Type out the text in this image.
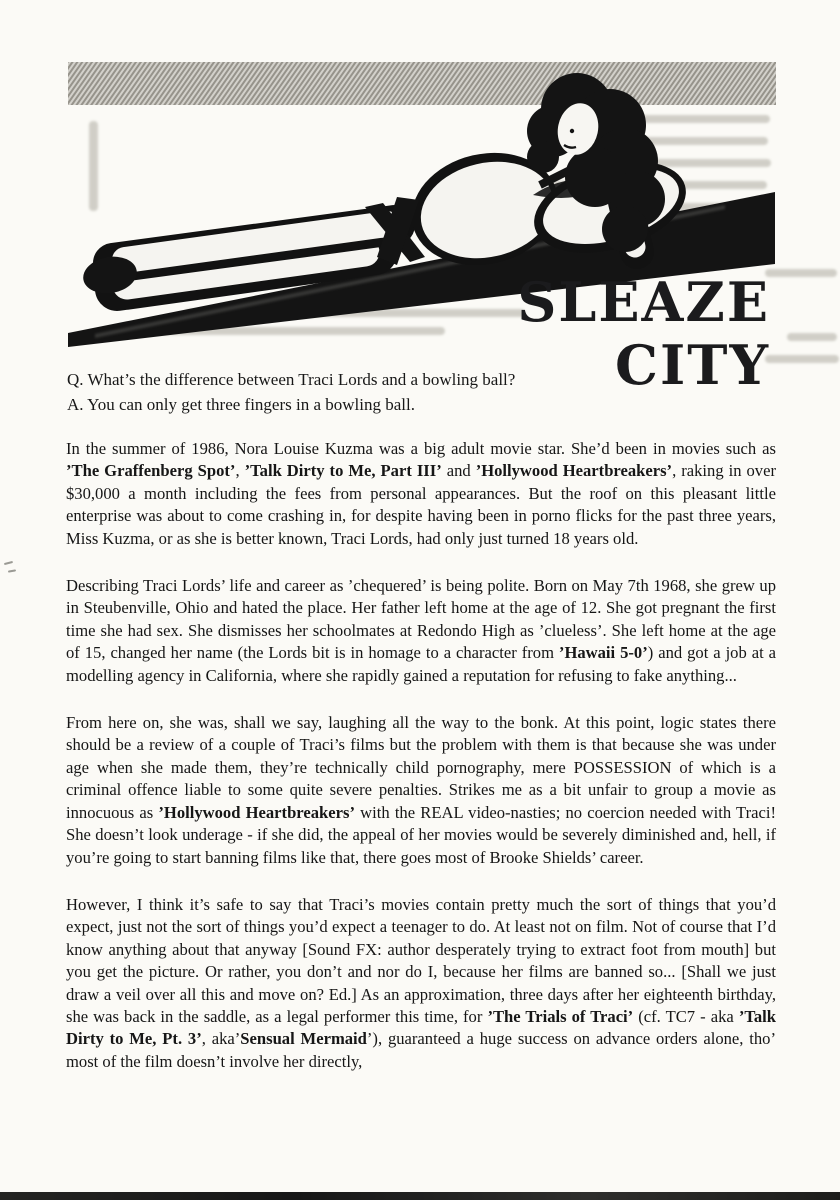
SLEAZE
CITY
Q. What’s the difference between Traci Lords and a bowling ball?
A. You can only get three fingers in a bowling ball.

In the summer of 1986, Nora Louise Kuzma was a big adult movie star. She’d been in movies such as ’The Graffenberg Spot’, ’Talk Dirty to Me, Part III’ and ’Hollywood Heartbreakers’, raking in over $30,000 a month including the fees from personal appearances. But the roof on this pleasant little enterprise was about to come crashing in, for despite having been in porno flicks for the past three years, Miss Kuzma, or as she is better known, Traci Lords, had only just turned 18 years old.

Describing Traci Lords’ life and career as ’chequered’ is being polite. Born on May 7th 1968, she grew up in Steubenville, Ohio and hated the place. Her father left home at the age of 12. She got pregnant the first time she had sex. She dismisses her schoolmates at Redondo High as ’clueless’. She left home at the age of 15, changed her name (the Lords bit is in homage to a character from ’Hawaii 5-0’) and got a job at a modelling agency in California, where she rapidly gained a reputation for refusing to fake anything...

From here on, she was, shall we say, laughing all the way to the bonk. At this point, logic states there should be a review of a couple of Traci’s films but the problem with them is that because she was under age when she made them, they’re technically child pornography, mere POSSESSION of which is a criminal offence liable to some quite severe penalties. Strikes me as a bit unfair to group a movie as innocuous as ’Hollywood Heartbreakers’ with the REAL video-nasties; no coercion needed with Traci! She doesn’t look underage - if she did, the appeal of her movies would be severely diminished and, hell, if you’re going to start banning films like that, there goes most of Brooke Shields’ career.

However, I think it’s safe to say that Traci’s movies contain pretty much the sort of things that you’d expect, just not the sort of things you’d expect a teenager to do. At least not on film. Not of course that I’d know anything about that anyway [Sound FX: author desperately trying to extract foot from mouth] but you get the picture. Or rather, you don’t and nor do I, because her films are banned so... [Shall we just draw a veil over all this and move on? Ed.] As an approximation, three days after her eighteenth birthday, she was back in the saddle, as a legal performer this time, for ’The Trials of Traci’ (cf. TC7 - aka ’Talk Dirty to Me, Pt. 3’, aka’Sensual Mermaid’), guaranteed a huge success on advance orders alone, tho’ most of the film doesn’t involve her directly,
